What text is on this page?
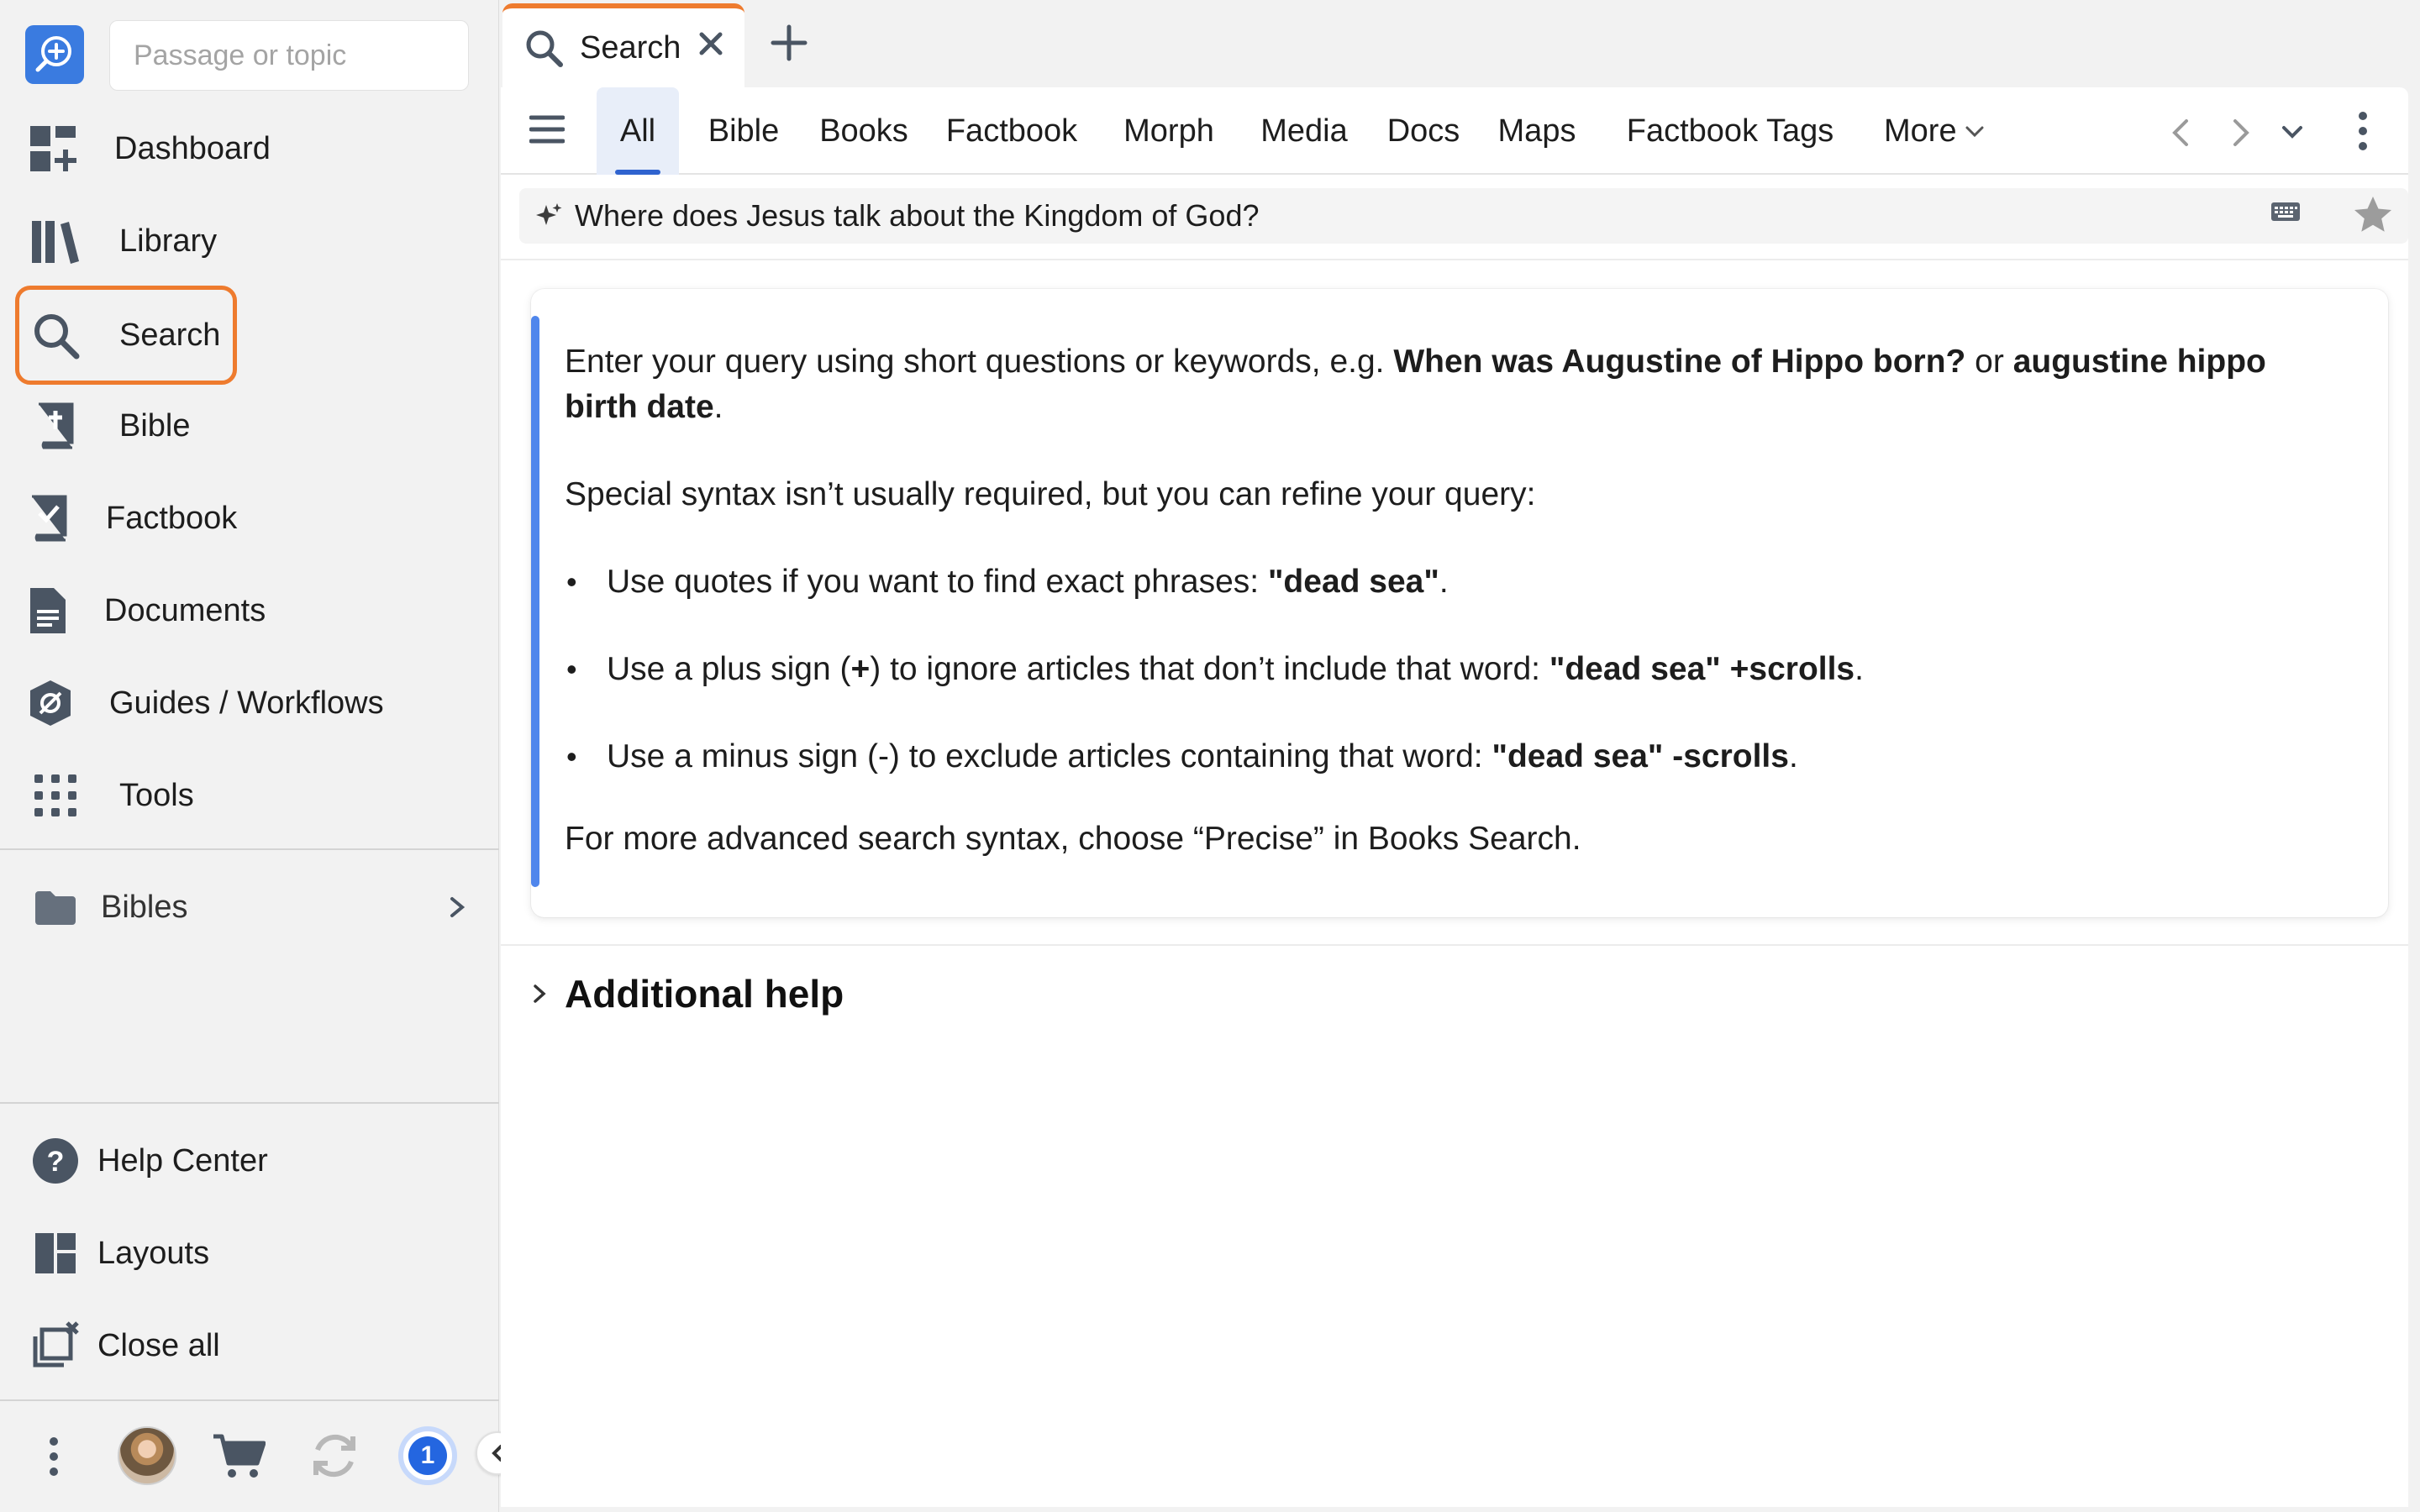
Passage or topic
Dashboard
Library
Search
Bible
Factbook
Documents
Guides / Workflows
Tools
Bibles
? Help Center
Layouts
Close all
1
Search
All Bible Books Factbook Morph Media Docs Maps Factbook Tags More
Where does Jesus talk about the Kingdom of God?

Enter your query using short questions or keywords, e.g. When was Augustine of Hippo born? or augustine hippo birth date.

Special syntax isn’t usually required, but you can refine your query:

• Use quotes if you want to find exact phrases: "dead sea".
• Use a plus sign (+) to ignore articles that don’t include that word: "dead sea" +scrolls.
• Use a minus sign (-) to exclude articles containing that word: "dead sea" -scrolls.

For more advanced search syntax, choose “Precise” in Books Search.

Additional help
